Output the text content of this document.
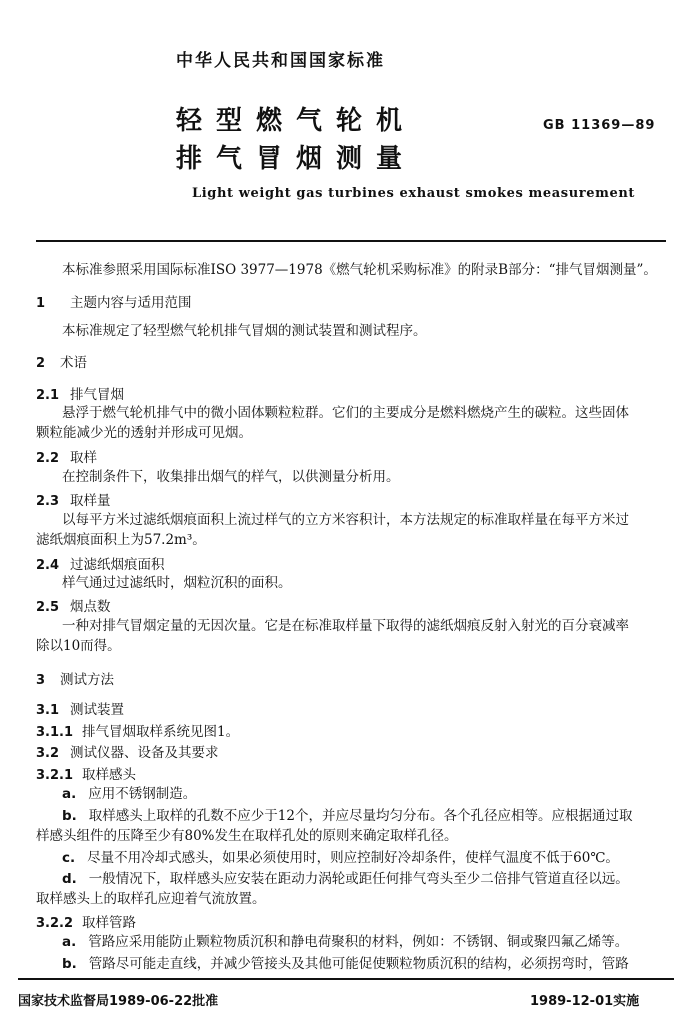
中华人民共和国国家标准
轻型燃气轮机
排气冒烟测量
GB 11369—89
Light weight gas turbines exhaust smokes measurement
本标准参照采用国际标准ISO 3977—1978《燃气轮机采购标准》的附录B部分：“排气冒烟测量”。
1 主题内容与适用范围
本标准规定了轻型燃气轮机排气冒烟的测试装置和测试程序。
2 术语
2.1 排气冒烟
悬浮于燃气轮机排气中的微小固体颗粒粒群。它们的主要成分是燃料燃烧产生的碳粒。这些固体颗粒能减少光的透射并形成可见烟。
2.2 取样
在控制条件下，收集排出烟气的样气，以供测量分析用。
2.3 取样量
以每平方米过滤纸烟痕面积上流过样气的立方米容积计，本方法规定的标准取样量在每平方米过滤纸烟痕面积上为57.2m³。
2.4 过滤纸烟痕面积
样气通过过滤纸时，烟粒沉积的面积。
2.5 烟点数
一种对排气冒烟定量的无因次量。它是在标准取样量下取得的滤纸烟痕反射入射光的百分衰减率除以10而得。
3 测试方法
3.1 测试装置
3.1.1 排气冒烟取样系统见图1。
3.2 测试仪器、设备及其要求
3.2.1 取样感头
a. 应用不锈钢制造。
b. 取样感头上取样的孔数不应少于12个，并应尽量均匀分布。各个孔径应相等。应根据通过取样感头组件的压降至少有80%发生在取样孔处的原则来确定取样孔径。
c. 尽量不用冷却式感头，如果必须使用时，则应控制好冷却条件，使样气温度不低于60℃。
d. 一般情况下，取样感头应安装在距动力涡轮或距任何排气弯头至少二倍排气管道直径以远。取样感头上的取样孔应迎着气流放置。
3.2.2 取样管路
a. 管路应采用能防止颗粒物质沉积和静电荷聚积的材料，例如：不锈钢、铜或聚四氟乙烯等。
b. 管路尽可能走直线，并减少管接头及其他可能促使颗粒物质沉积的结构，必须拐弯时，管路
国家技术监督局1989-06-22批准	1989-12-01实施
